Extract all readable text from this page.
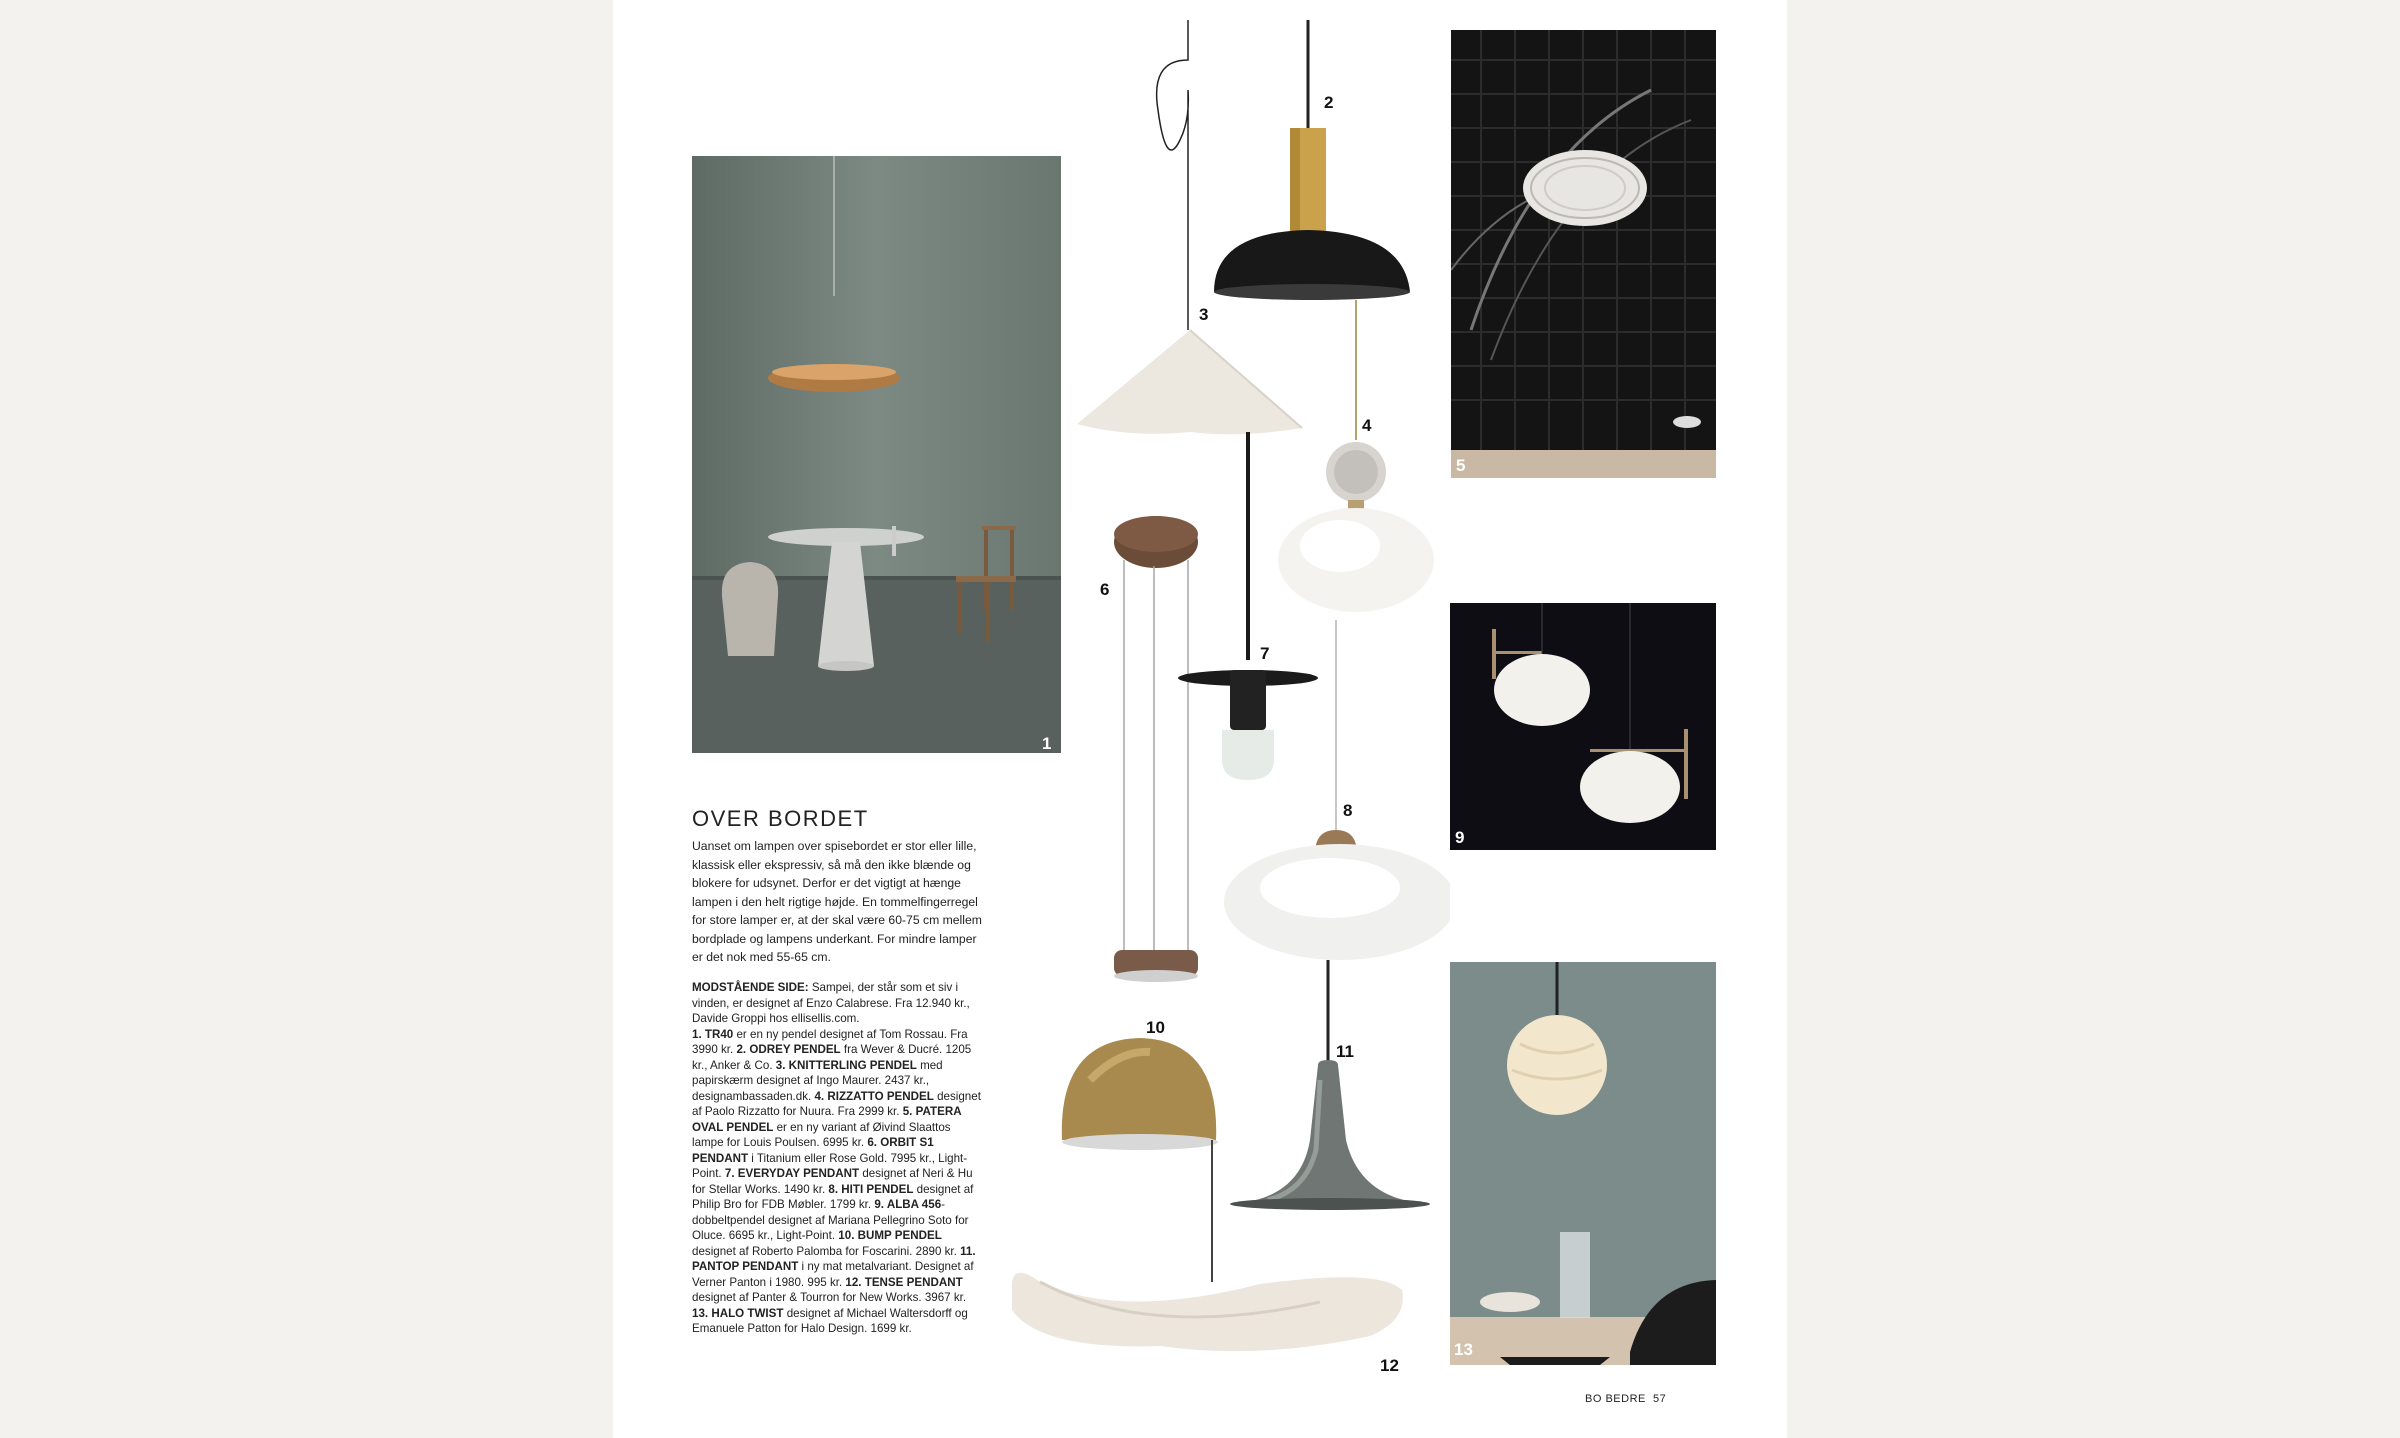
1
5
9
13
2
3
4
6
7
8
10
11
12
OVER BORDET

Uanset om lampen over spisebordet er stor eller lille, klassisk eller ekspressiv, så må den ikke blænde og blokere for udsynet. Derfor er det vigtigt at hænge lampen i den helt rigtige højde. En tommelfingerregel for store lamper er, at der skal være 60-75 cm mellem bordplade og lampens underkant. For mindre lamper er det nok med 55-65 cm.

MODSTÅENDE SIDE: Sampei, der står som et siv i vinden, er designet af Enzo Calabrese. Fra 12.940 kr., Davide Groppi hos ellisellis.com.
1. TR40 er en ny pendel designet af Tom Rossau. Fra 3990 kr. 2. ODREY PENDEL fra Wever & Ducré. 1205 kr., Anker & Co. 3. KNITTERLING PENDEL med papirskærm designet af Ingo Maurer. 2437 kr., designambassaden.dk. 4. RIZZATTO PENDEL designet af Paolo Rizzatto for Nuura. Fra 2999 kr. 5. PATERA OVAL PENDEL er en ny variant af Øivind Slaattos lampe for Louis Poulsen. 6995 kr. 6. ORBIT S1 PENDANT i Titanium eller Rose Gold. 7995 kr., Light-Point. 7. EVERYDAY PENDANT designet af Neri & Hu for Stellar Works. 1490 kr. 8. HITI PENDEL designet af Philip Bro for FDB Møbler. 1799 kr. 9. ALBA 456-dobbeltpendel designet af Mariana Pellegrino Soto for Oluce. 6695 kr., Light-Point. 10. BUMP PENDEL designet af Roberto Palomba for Foscarini. 2890 kr. 11. PANTOP PENDANT i ny mat metalvariant. Designet af Verner Panton i 1980. 995 kr. 12. TENSE PENDANT designet af Panter & Tourron for New Works. 3967 kr. 13. HALO TWIST designet af Michael Waltersdorff og Emanuele Patton for Halo Design. 1699 kr.

BO BEDRE 57
